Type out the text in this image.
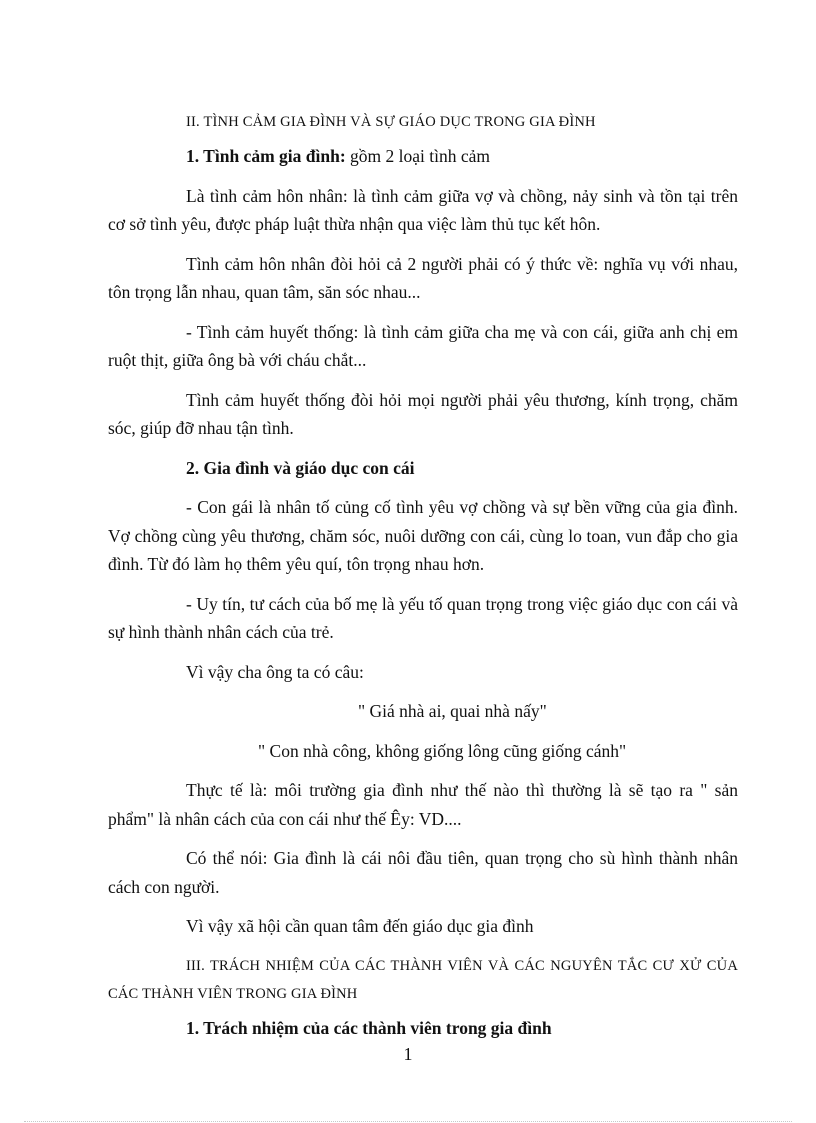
II. TÌNH CẢM GIA ĐÌNH VÀ SỰ GIÁO DỤC TRONG GIA ĐÌNH

1. Tình cảm gia đình: gồm 2 loại tình cảm

Là tình cảm hôn nhân: là tình cảm giữa vợ và chồng, nảy sinh và tồn tại trên cơ sở tình yêu, được pháp luật thừa nhận qua việc làm thủ tục kết hôn.

Tình cảm hôn nhân đòi hỏi cả 2 người phải có ý thức về: nghĩa vụ với nhau, tôn trọng lẫn nhau, quan tâm, săn sóc nhau...

- Tình cảm huyết thống: là tình cảm giữa cha mẹ và con cái, giữa anh chị em ruột thịt, giữa ông bà với cháu chắt...

Tình cảm huyết thống đòi hỏi mọi người phải yêu thương, kính trọng, chăm sóc, giúp đỡ nhau tận tình.

2. Gia đình và giáo dục con cái

- Con gái là nhân tố củng cố tình yêu vợ chồng và sự bền vững của gia đình. Vợ chồng cùng yêu thương, chăm sóc, nuôi dưỡng con cái, cùng lo toan, vun đắp cho gia đình. Từ đó làm họ thêm yêu quí, tôn trọng nhau hơn.

- Uy tín, tư cách của bố mẹ là yếu tố quan trọng trong việc giáo dục con cái và sự hình thành nhân cách của trẻ.

Vì vậy cha ông ta có câu:

" Giá nhà ai, quai nhà nấy"

" Con nhà công, không giống lông cũng giống cánh"

Thực tế là: môi trường gia đình như thế nào thì thường là sẽ tạo ra " sản phẩm" là nhân cách của con cái như thế Êy: VD....

Có thể nói: Gia đình là cái nôi đầu tiên, quan trọng cho sù hình thành nhân cách con người.

Vì vậy xã hội cần quan tâm đến giáo dục gia đình

III. TRÁCH NHIỆM CỦA CÁC THÀNH VIÊN VÀ CÁC NGUYÊN TẮC CƯ XỬ CỦA CÁC THÀNH VIÊN TRONG GIA ĐÌNH

1. Trách nhiệm của các thành viên trong gia đình

1
